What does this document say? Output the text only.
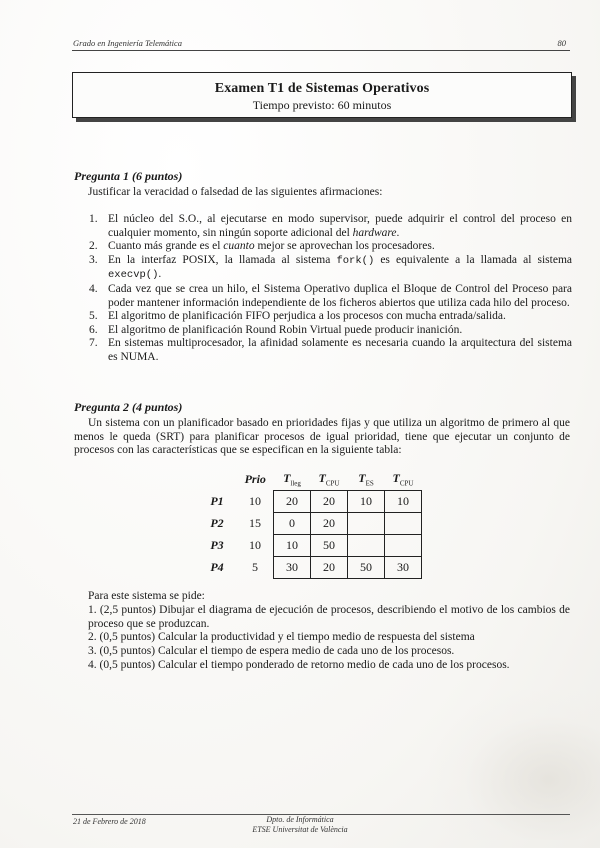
Grado en Ingeniería Telemática	80
Examen T1 de Sistemas Operativos
Tiempo previsto: 60 minutos
Pregunta 1 (6 puntos)
Justificar la veracidad o falsedad de las siguientes afirmaciones:
1. El núcleo del S.O., al ejecutarse en modo supervisor, puede adquirir el control del proceso en cualquier momento, sin ningún soporte adicional del hardware.
2. Cuanto más grande es el cuanto mejor se aprovechan los procesadores.
3. En la interfaz POSIX, la llamada al sistema fork() es equivalente a la llamada al sistema execvp().
4. Cada vez que se crea un hilo, el Sistema Operativo duplica el Bloque de Control del Proceso para poder mantener información independiente de los ficheros abiertos que utiliza cada hilo del proceso.
5. El algoritmo de planificación FIFO perjudica a los procesos con mucha entrada/salida.
6. El algoritmo de planificación Round Robin Virtual puede producir inanición.
7. En sistemas multiprocesador, la afinidad solamente es necesaria cuando la arquitectura del sistema es NUMA.
Pregunta 2 (4 puntos)
Un sistema con un planificador basado en prioridades fijas y que utiliza un algoritmo de primero al que menos le queda (SRT) para planificar procesos de igual prioridad, tiene que ejecutar un conjunto de procesos con las características que se especifican en la siguiente tabla:
	Prio	$T_{lleg}$	$T_{CPU}$	$T_{ES}$	$T_{CPU}$
P1	10	20	20	10	10
P2	15	0	20		
P3	10	10	50		
P4	5	30	20	50	30
Para este sistema se pide:
1. (2,5 puntos) Dibujar el diagrama de ejecución de procesos, describiendo el motivo de los cambios de proceso que se produzcan.
2. (0,5 puntos) Calcular la productividad y el tiempo medio de respuesta del sistema
3. (0,5 puntos) Calcular el tiempo de espera medio de cada uno de los procesos.
4. (0,5 puntos) Calcular el tiempo ponderado de retorno medio de cada uno de los procesos.
21 de Febrero de 2018	Dpto. de Informática
ETSE Universitat de València
